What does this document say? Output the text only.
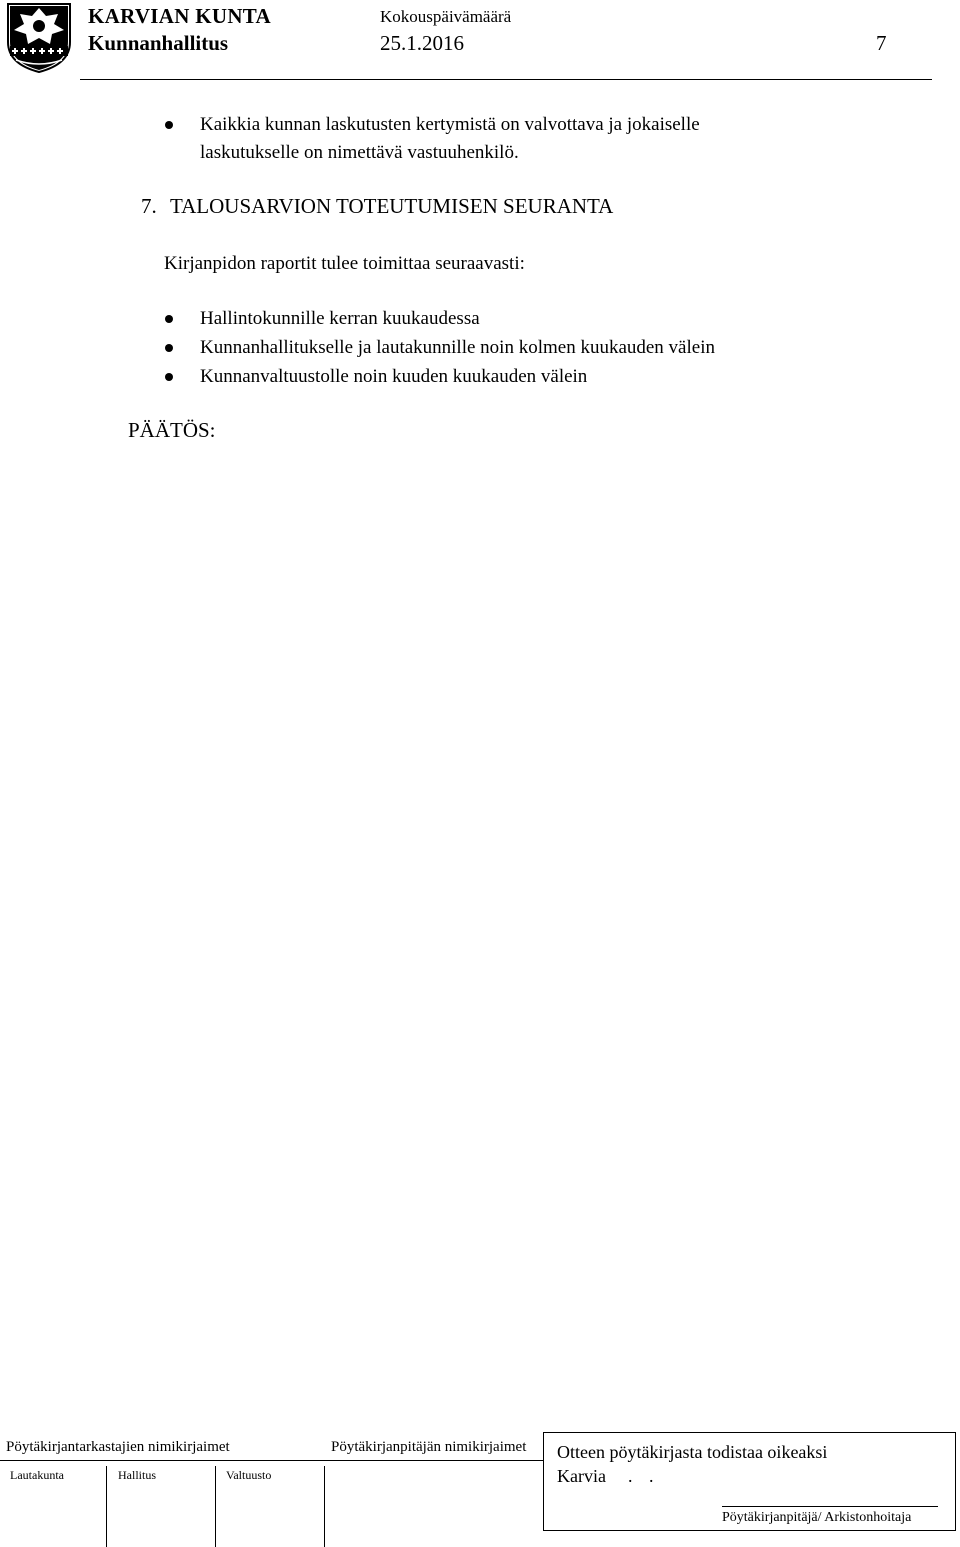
KARVIAN KUNTA
Kunnanhallitus
Kokouspäivämäärä
25.1.2016	7
Kaikkia kunnan laskutusten kertymistä on valvottava ja jokaiselle
laskutukselle on nimettävä vastuuhenkilö.
7. TALOUSARVION TOTEUTUMISEN SEURANTA
Kirjanpidon raportit tulee toimittaa seuraavasti:
Hallintokunnille kerran kuukaudessa
Kunnanhallitukselle ja lautakunnille noin kolmen kuukauden välein
Kunnanvaltuustolle noin kuuden kuukauden välein
PÄÄTÖS:
Pöytäkirjantarkastajien nimikirjaimet	Pöytäkirjanpitäjän nimikirjaimet
Lautakunta	Hallitus	Valtuusto
Otteen pöytäkirjasta todistaa oikeaksi
Karvia . .
Pöytäkirjanpitäjä/ Arkistonhoitaja
